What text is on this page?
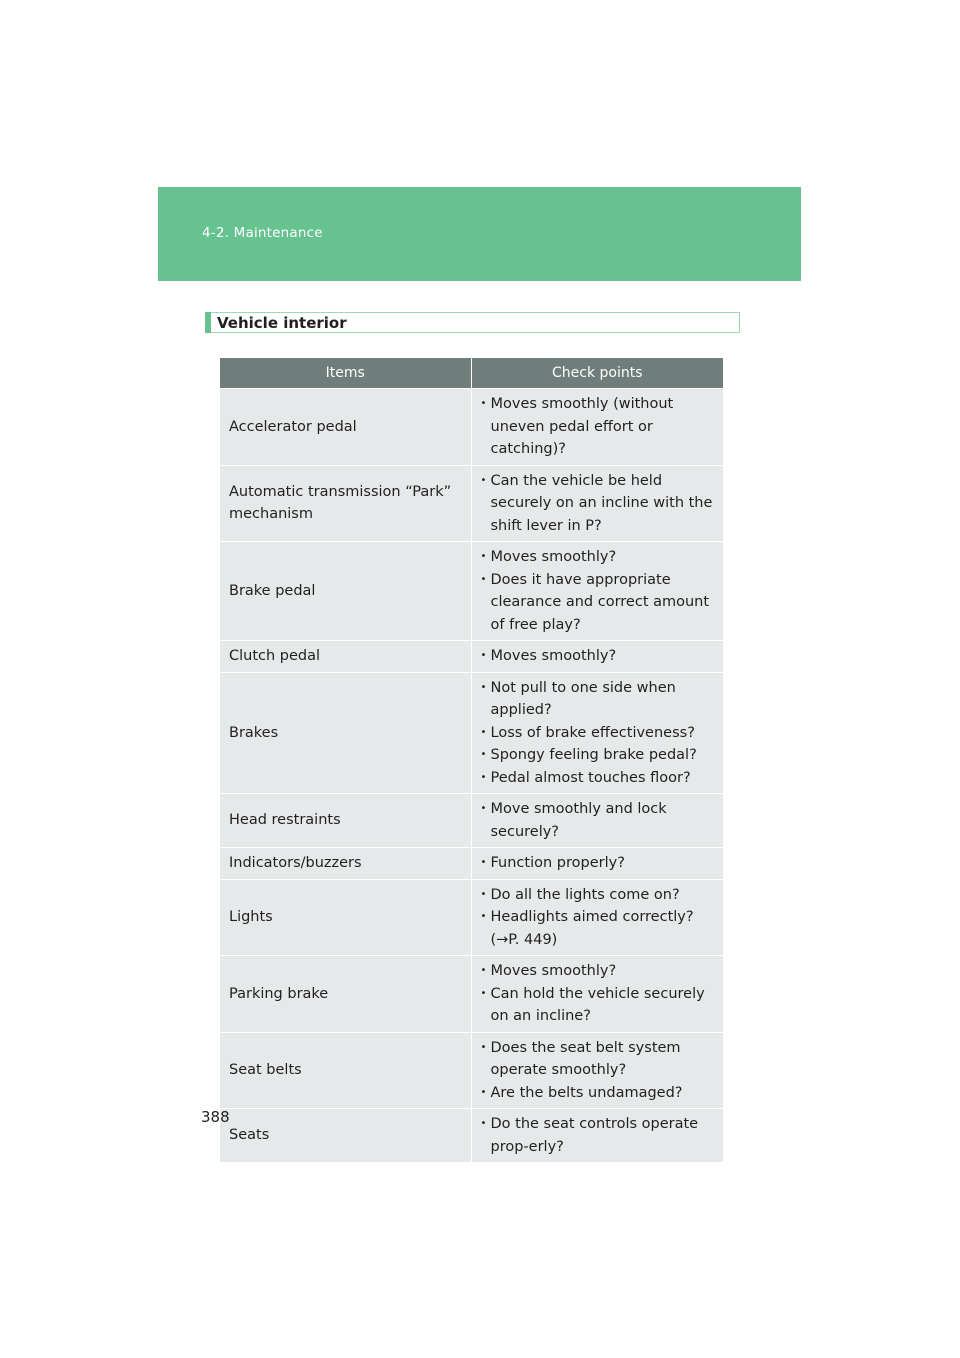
4-2. Maintenance
Vehicle interior
Items	Check points
Accelerator pedal	• Moves smoothly (without uneven pedal effort or catching)?

Automatic transmission “Park” mechanism	• Can the vehicle be held securely on an incline with the shift lever in P?

Brake pedal	• Moves smoothly?
• Does it have appropriate clearance and correct amount of free play?

Clutch pedal	• Moves smoothly?

Brakes	• Not pull to one side when applied?
• Loss of brake effectiveness?
• Spongy feeling brake pedal?
• Pedal almost touches floor?

Head restraints	• Move smoothly and lock securely?

Indicators/buzzers	• Function properly?

Lights	• Do all the lights come on?
• Headlights aimed correctly? (→P. 449)

Parking brake	• Moves smoothly?
• Can hold the vehicle securely on an incline?

Seat belts	• Does the seat belt system operate smoothly?
• Are the belts undamaged?

Seats	• Do the seat controls operate prop-erly?
388
